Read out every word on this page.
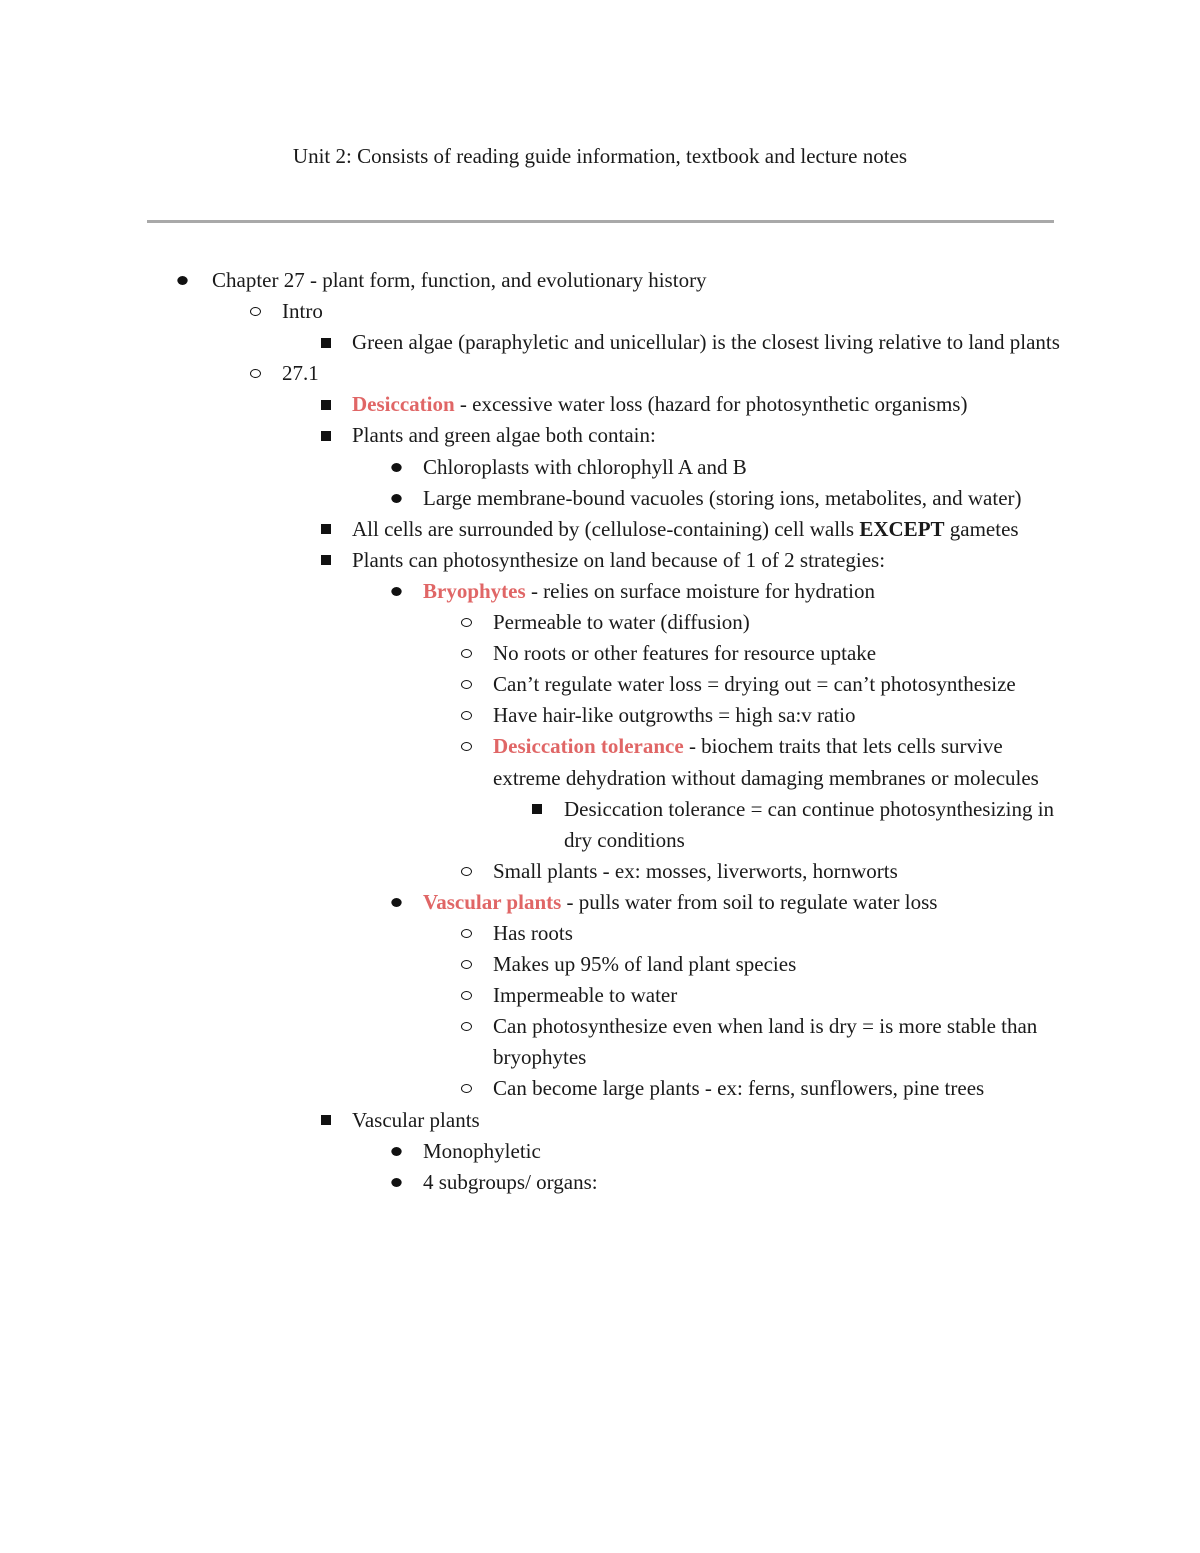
Unit 2: Consists of reading guide information, textbook and lecture notes
Chapter 27 - plant form, function, and evolutionary history
Intro
Green algae (paraphyletic and unicellular) is the closest living relative to land plants
27.1
Desiccation - excessive water loss (hazard for photosynthetic organisms)
Plants and green algae both contain:
Chloroplasts with chlorophyll A and B
Large membrane-bound vacuoles (storing ions, metabolites, and water)
All cells are surrounded by (cellulose-containing) cell walls EXCEPT gametes
Plants can photosynthesize on land because of 1 of 2 strategies:
Bryophytes - relies on surface moisture for hydration
Permeable to water (diffusion)
No roots or other features for resource uptake
Can’t regulate water loss = drying out = can’t photosynthesize
Have hair-like outgrowths = high sa:v ratio
Desiccation tolerance - biochem traits that lets cells survive extreme dehydration without damaging membranes or molecules
Desiccation tolerance = can continue photosynthesizing in dry conditions
Small plants - ex: mosses, liverworts, hornworts
Vascular plants - pulls water from soil to regulate water loss
Has roots
Makes up 95% of land plant species
Impermeable to water
Can photosynthesize even when land is dry = is more stable than bryophytes
Can become large plants - ex: ferns, sunflowers, pine trees
Vascular plants
Monophyletic
4 subgroups/ organs:
